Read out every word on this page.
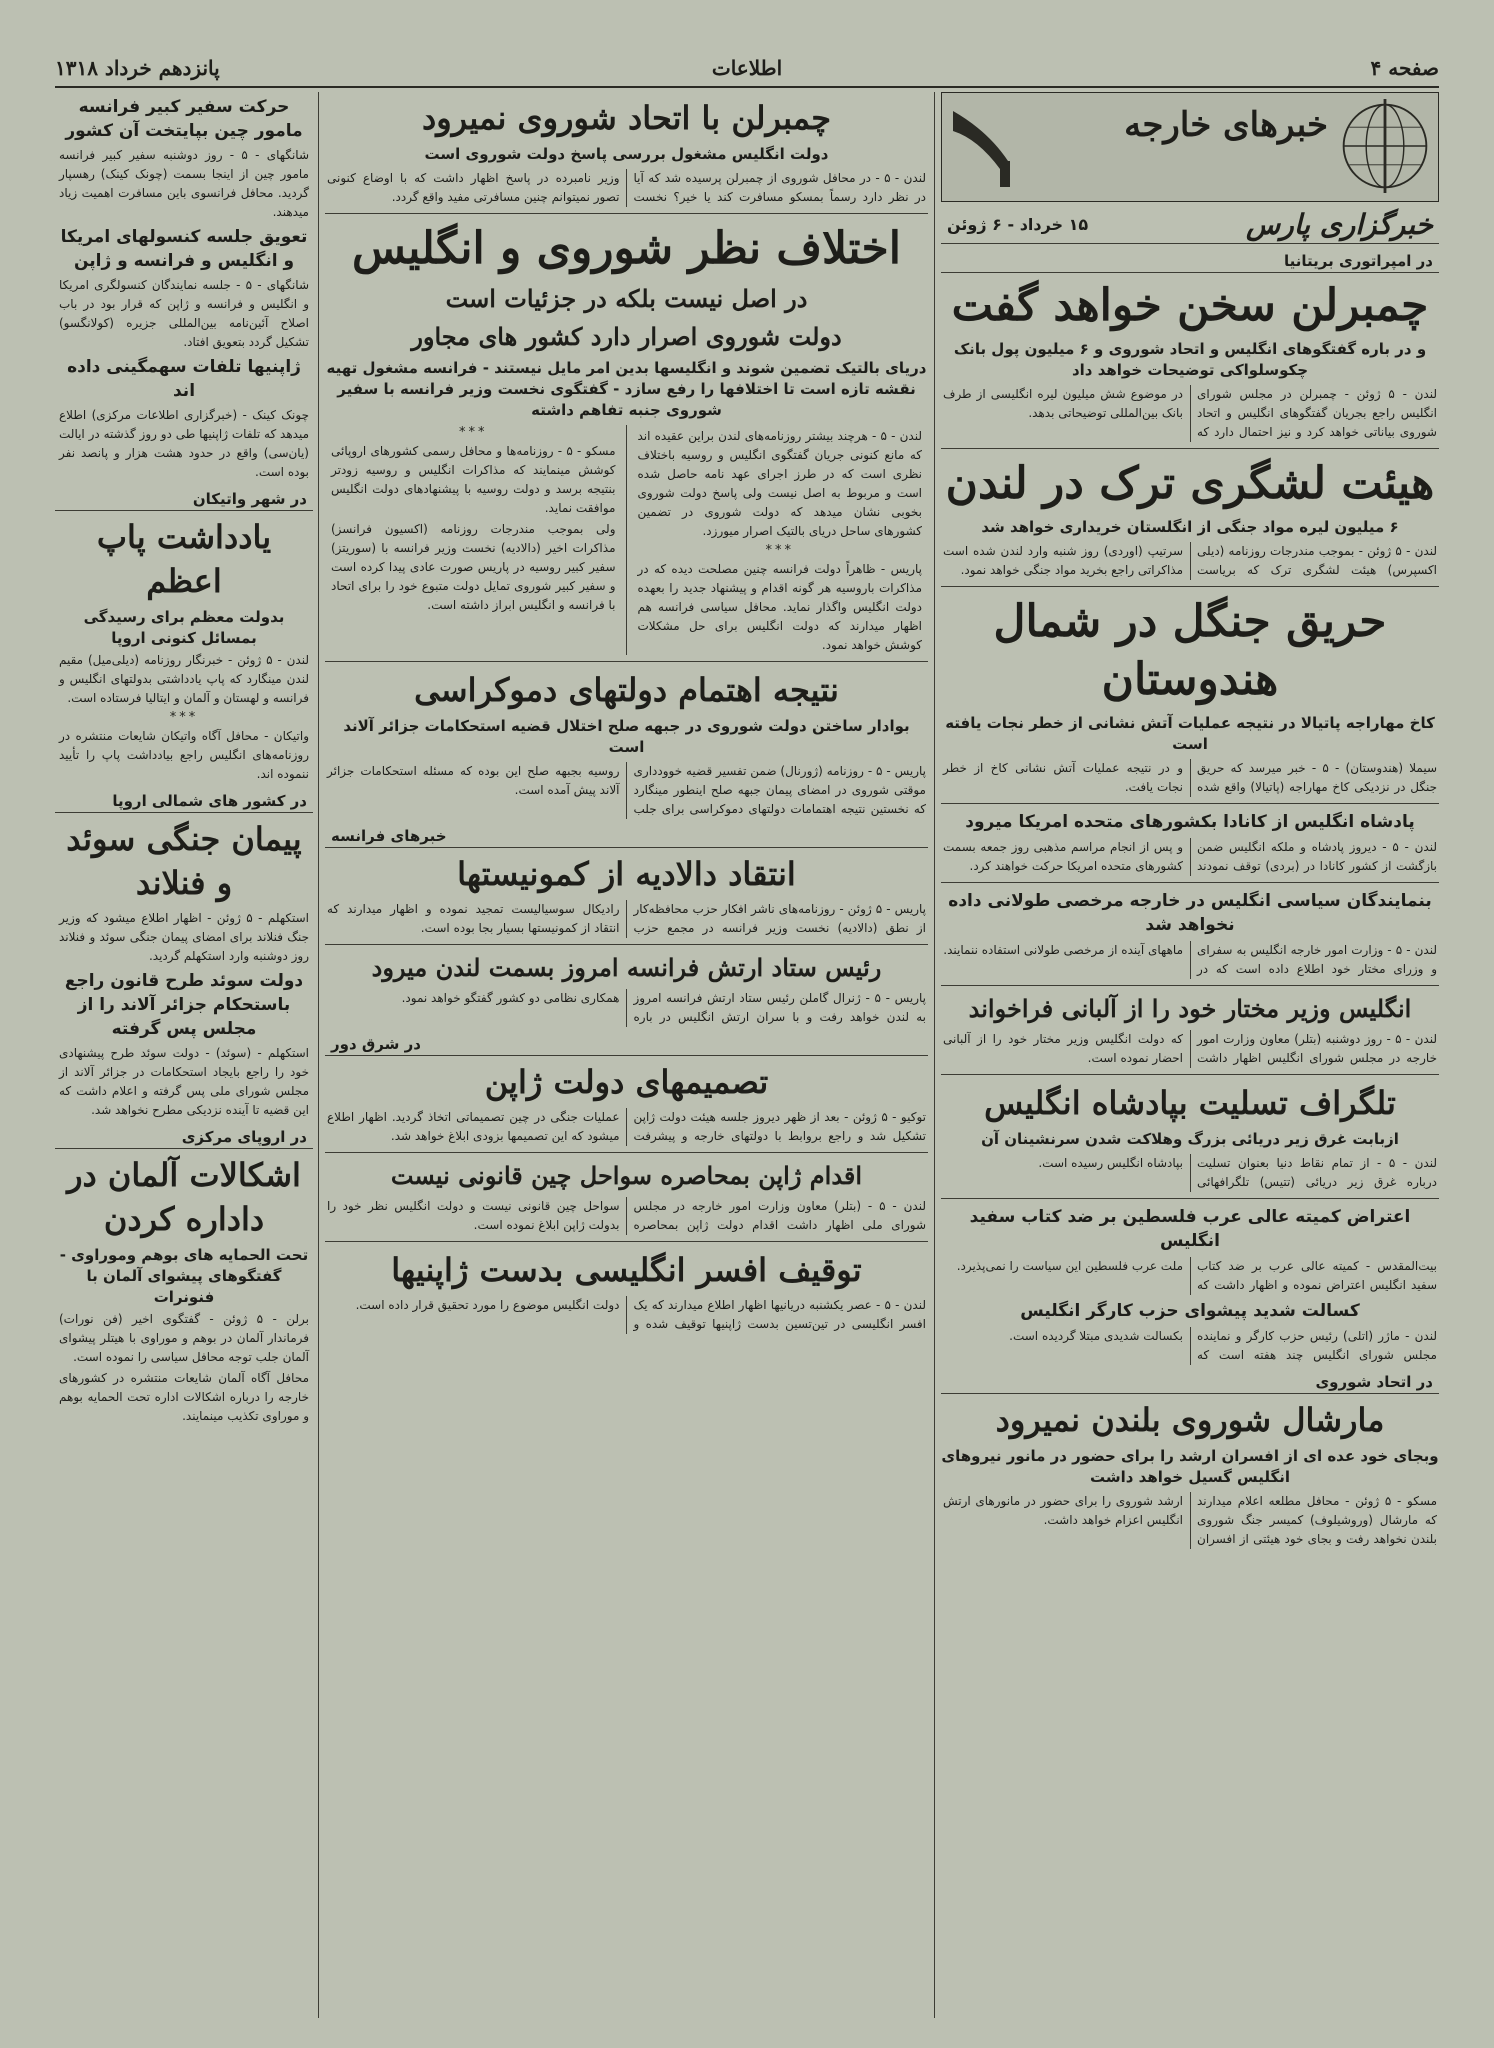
صفحه ۴
اطلاعات
پانزدهم خرداد ۱۳۱۸
خبرهای خارجه
خبرگزاری پارس
۱۵ خرداد - ۶ ژوئن
در امپراتوری بریتانیا
چمبرلن سخن خواهد گفت
و در باره گفتگوهای انگلیس و اتحاد شوروی و ۶ میلیون پول بانک چکوسلواکی توضیحات خواهد داد
لندن - ۵ ژوئن - چمبرلن در مجلس شورای انگلیس راجع بجریان گفتگوهای انگلیس و اتحاد شوروی بیاناتی خواهد کرد و نیز احتمال دارد که در موضوع شش میلیون لیره انگلیسی از طرف بانک بین‌المللی توضیحاتی بدهد.
هیئت لشگری ترک در لندن
۶ میلیون لیره مواد جنگی از انگلستان خریداری خواهد شد
لندن - ۵ ژوئن - بموجب مندرجات روزنامه (دیلی اکسپرس) هیئت لشگری ترک که بریاست سرتیپ (اوردی) روز شنبه وارد لندن شده است مذاکراتی راجع بخرید مواد جنگی خواهد نمود.
حریق جنگل در شمال هندوستان
کاخ مهاراجه پاتیالا در نتیجه عملیات آتش نشانی از خطر نجات یافته است
سیملا (هندوستان) - ۵ - خبر میرسد که حریق جنگل در نزدیکی کاخ مهاراجه (پاتیالا) واقع شده و در نتیجه عملیات آتش نشانی کاخ از خطر نجات یافت.
پادشاه انگلیس از کانادا بکشورهای متحده امریکا میرود
لندن - ۵ - دیروز پادشاه و ملکه انگلیس ضمن بازگشت از کشور کانادا در (بردی) توقف نمودند و پس از انجام مراسم مذهبی روز جمعه بسمت کشورهای متحده امریکا حرکت خواهند کرد.
بنمایندگان سیاسی انگلیس در خارجه مرخصی طولانی داده نخواهد شد
لندن - ۵ - وزارت امور خارجه انگلیس به سفرای و وزرای مختار خود اطلاع داده است که در ماههای آینده از مرخصی طولانی استفاده ننمایند.
انگلیس وزیر مختار خود را از آلبانی فراخواند
لندن - ۵ - روز دوشنبه (بتلر) معاون وزارت امور خارجه در مجلس شورای انگلیس اظهار داشت که دولت انگلیس وزیر مختار خود را از آلبانی احضار نموده است.
تلگراف تسلیت بپادشاه انگلیس
ازبابت غرق زیر دریائی بزرگ وهلاکت شدن سرنشینان آن
لندن - ۵ - از تمام نقاط دنیا بعنوان تسلیت درباره غرق زیر دریائی (تتیس) تلگرافهائی بپادشاه انگلیس رسیده است.
اعتراض کمیته عالی عرب فلسطین بر ضد کتاب سفید انگلیس
بیت‌المقدس - کمیته عالی عرب بر ضد کتاب سفید انگلیس اعتراض نموده و اظهار داشت که ملت عرب فلسطین این سیاست را نمی‌پذیرد.
کسالت شدید پیشوای حزب کارگر انگلیس
لندن - ماژر (اتلی) رئیس حزب کارگر و نماینده مجلس شورای انگلیس چند هفته است که بکسالت شدیدی مبتلا گردیده است.
در اتحاد شوروی
مارشال شوروی بلندن نمیرود
وبجای خود عده ای از افسران ارشد را برای حضور در مانور نیروهای انگلیس گسیل خواهد داشت
مسکو - ۵ ژوئن - محافل مطلعه اعلام میدارند که مارشال (وروشیلوف) کمیسر جنگ شوروی بلندن نخواهد رفت و بجای خود هیئتی از افسران ارشد شوروی را برای حضور در مانورهای ارتش انگلیس اعزام خواهد داشت.
چمبرلن با اتحاد شوروی نمیرود
دولت انگلیس مشغول بررسی پاسخ دولت شوروی است
لندن - ۵ - در محافل شوروی از چمبرلن پرسیده شد که آیا در نظر دارد رسماً بمسکو مسافرت کند یا خیر؟ نخست وزیر نامبرده در پاسخ اظهار داشت که با اوضاع کنونی تصور نمیتوانم چنین مسافرتی مفید واقع گردد.
اختلاف نظر شوروی و انگلیس
در اصل نیست بلکه در جزئیات است
دولت شوروی اصرار دارد کشور های مجاور
دریای بالتیک تضمین شوند و انگلیسها بدین امر مایل نیستند - فرانسه مشغول تهیه نقشه تازه است تا اختلافها را رفع سازد - گفتگوی نخست وزیر فرانسه با سفیر شوروی جنبه تفاهم داشته
لندن - ۵ - هرچند بیشتر روزنامه‌های لندن براین عقیده اند که مانع کنونی جریان گفتگوی انگلیس و روسیه باختلاف نظری است که در طرز اجرای عهد نامه حاصل شده است و مربوط به اصل نیست ولی پاسخ دولت شوروی بخوبی نشان میدهد که دولت شوروی در تضمین کشورهای ساحل دریای بالتیک اصرار میورزد.
***
پاریس - ظاهراً دولت فرانسه چنین مصلحت دیده که در مذاکرات باروسیه هر گونه اقدام و پیشنهاد جدید را بعهده دولت انگلیس واگذار نماید. محافل سیاسی فرانسه هم اظهار میدارند که دولت انگلیس برای حل مشکلات کوشش خواهد نمود.
***
مسکو - ۵ - روزنامه‌ها و محافل رسمی کشورهای اروپائی کوشش مینمایند که مذاکرات انگلیس و روسیه زودتر بنتیجه برسد و دولت روسیه با پیشنهادهای دولت انگلیس موافقت نماید.
ولی بموجب مندرجات روزنامه (اکسیون فرانسز) مذاکرات اخیر (دالادیه) نخست وزیر فرانسه با (سوریتز) سفیر کبیر روسیه در پاریس صورت عادی پیدا کرده است و سفیر کبیر شوروی تمایل دولت متبوع خود را برای اتحاد با فرانسه و انگلیس ابراز داشته است.
نتیجه اهتمام دولتهای دموکراسی
بوادار ساختن دولت شوروی در جبهه صلح اختلال قضیه استحکامات جزائر آلاند است
پاریس - ۵ - روزنامه (ژورنال) ضمن تفسیر قضیه خوودداری موقتی شوروی در امضای پیمان جبهه صلح اینطور مینگارد که نخستین نتیجه اهتمامات دولتهای دموکراسی برای جلب روسیه بجبهه صلح این بوده که مسئله استحکامات جزائر آلاند پیش آمده است.
خبرهای فرانسه
انتقاد دالادیه از کمونیستها
پاریس - ۵ ژوئن - روزنامه‌های ناشر افکار حزب محافظه‌کار از نطق (دالادیه) نخست وزیر فرانسه در مجمع حزب رادیکال سوسیالیست تمجید نموده و اظهار میدارند که انتقاد از کمونیستها بسیار بجا بوده است.
رئیس ستاد ارتش فرانسه امروز بسمت لندن میرود
پاریس - ۵ - ژنرال گاملن رئیس ستاد ارتش فرانسه امروز به لندن خواهد رفت و با سران ارتش انگلیس در باره همکاری نظامی دو کشور گفتگو خواهد نمود.
در شرق دور
تصمیمهای دولت ژاپن
توکیو - ۵ ژوئن - بعد از ظهر دیروز جلسه هیئت دولت ژاپن تشکیل شد و راجع بروابط با دولتهای خارجه و پیشرفت عملیات جنگی در چین تصمیماتی اتخاذ گردید. اظهار اطلاع میشود که این تصمیمها بزودی ابلاغ خواهد شد.
اقدام ژاپن بمحاصره سواحل چین قانونی نیست
لندن - ۵ - (بتلر) معاون وزارت امور خارجه در مجلس شورای ملی اظهار داشت اقدام دولت ژاپن بمحاصره سواحل چین قانونی نیست و دولت انگلیس نظر خود را بدولت ژاپن ابلاغ نموده است.
توقیف افسر انگلیسی بدست ژاپنیها
لندن - ۵ - عصر یکشنبه دریانیها اظهار اطلاع میدارند که یک افسر انگلیسی در تین‌تسین بدست ژاپنیها توقیف شده و دولت انگلیس موضوع را مورد تحقیق قرار داده است.
حرکت سفیر کبیر فرانسه مامور چین بپایتخت آن کشور
شانگهای - ۵ - روز دوشنبه سفیر کبیر فرانسه مامور چین از اینجا بسمت (چونک کینک) رهسپار گردید. محافل فرانسوی باین مسافرت اهمیت زیاد میدهند.
تعویق جلسه کنسولهای امریکا و انگلیس و فرانسه و ژاپن
شانگهای - ۵ - جلسه نمایندگان کنسولگری امریکا و انگلیس و فرانسه و ژاپن که قرار بود در باب اصلاح آئین‌نامه بین‌المللی جزیره (کولانگسو) تشکیل گردد بتعویق افتاد.
ژاپنیها تلفات سهمگینی داده اند
چونک کینک - (خبرگزاری اطلاعات مرکزی) اطلاع میدهد که تلفات ژاپنیها طی دو روز گذشته در ایالت (یان‌سی) واقع در حدود هشت هزار و پانصد نفر بوده است.
در شهر واتیکان
یادداشت پاپ اعظم
بدولت معظم برای رسیدگی بمسائل کنونی اروپا
لندن - ۵ ژوئن - خبرنگار روزنامه (دیلی‌میل) مقیم لندن مینگارد که پاپ یادداشتی بدولتهای انگلیس و فرانسه و لهستان و آلمان و ایتالیا فرستاده است.
***
واتیکان - محافل آگاه واتیکان شایعات منتشره در روزنامه‌های انگلیس راجع بیادداشت پاپ را تأیید ننموده اند.
در کشور های شمالی اروپا
پیمان جنگی سوئد و فنلاند
استکهلم - ۵ ژوئن - اظهار اطلاع میشود که وزیر جنگ فنلاند برای امضای پیمان جنگی سوئد و فنلاند روز دوشنبه وارد استکهلم گردید.
دولت سوئد طرح قانون راجع باستحکام جزائر آلاند را از مجلس پس گرفته
استکهلم - (سوئد) - دولت سوئد طرح پیشنهادی خود را راجع بایجاد استحکامات در جزائر آلاند از مجلس شورای ملی پس گرفته و اعلام داشت که این قضیه تا آینده نزدیکی مطرح نخواهد شد.
در اروپای مرکزی
اشکالات آلمان در داداره کردن
تحت الحمایه های بوهم وموراوی - گفتگوهای پیشوای آلمان با فنونرات
برلن - ۵ ژوئن - گفتگوی اخیر (فن نورات) فرماندار آلمان در بوهم و موراوی با هیتلر پیشوای آلمان جلب توجه محافل سیاسی را نموده است.
محافل آگاه آلمان شایعات منتشره در کشورهای خارجه را درباره اشکالات اداره تحت الحمایه بوهم و موراوی تکذیب مینمایند.
